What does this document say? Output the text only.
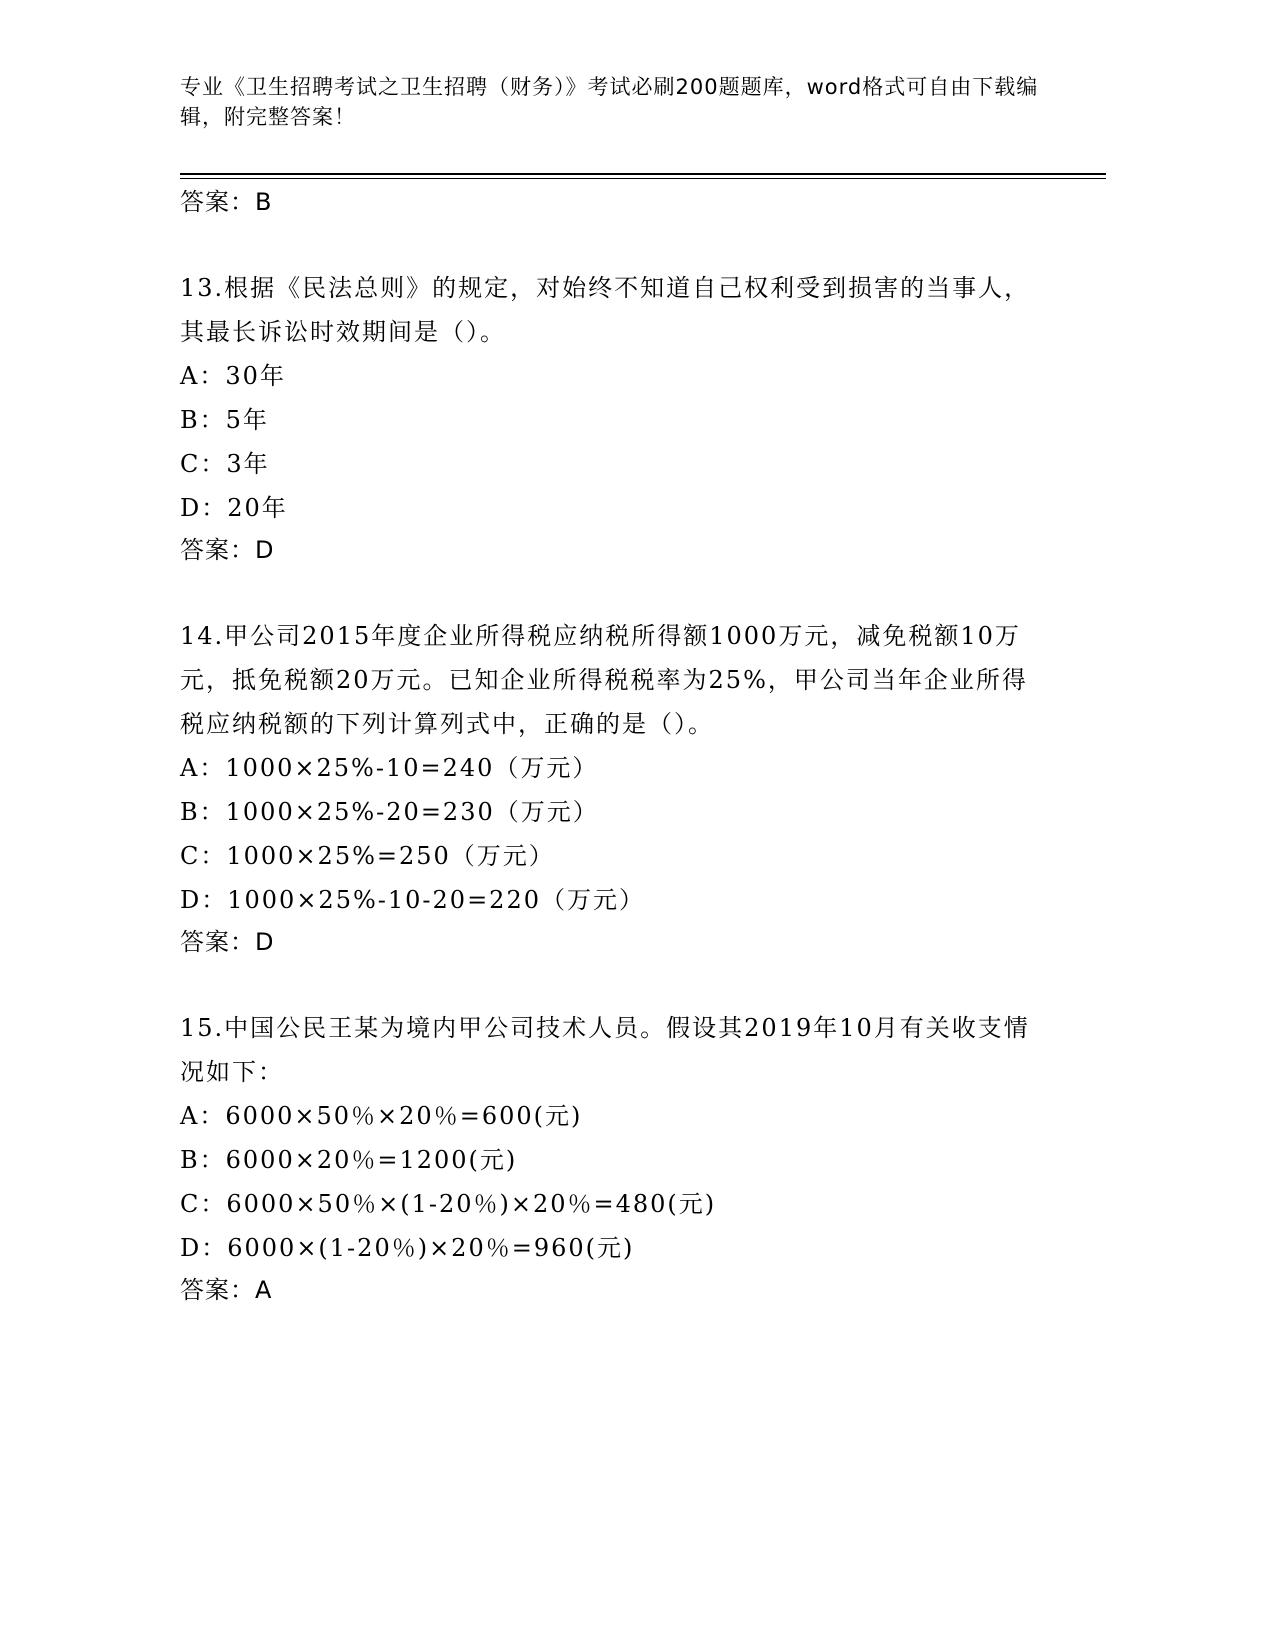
专业《卫生招聘考试之卫生招聘（财务）》考试必刷200题题库，word格式可自由下载编辑，附完整答案！
答案：B

13.根据《民法总则》的规定，对始终不知道自己权利受到损害的当事人，其最长诉讼时效期间是（）。

A：30年

B：5年

C：3年

D：20年

答案：D

14.甲公司2015年度企业所得税应纳税所得额1000万元，减免税额10万元，抵免税额20万元。已知企业所得税税率为25%，甲公司当年企业所得税应纳税额的下列计算列式中，正确的是（）。

A：1000×25%-10=240（万元）

B：1000×25%-20=230（万元）

C：1000×25%=250（万元）

D：1000×25%-10-20=220（万元）

答案：D

15.中国公民王某为境内甲公司技术人员。假设其2019年10月有关收支情况如下：

A：6000×50％×20％=600(元)

B：6000×20％=1200(元)

C：6000×50％×(1-20％)×20％=480(元)

D：6000×(1-20％)×20％=960(元)

答案：A
